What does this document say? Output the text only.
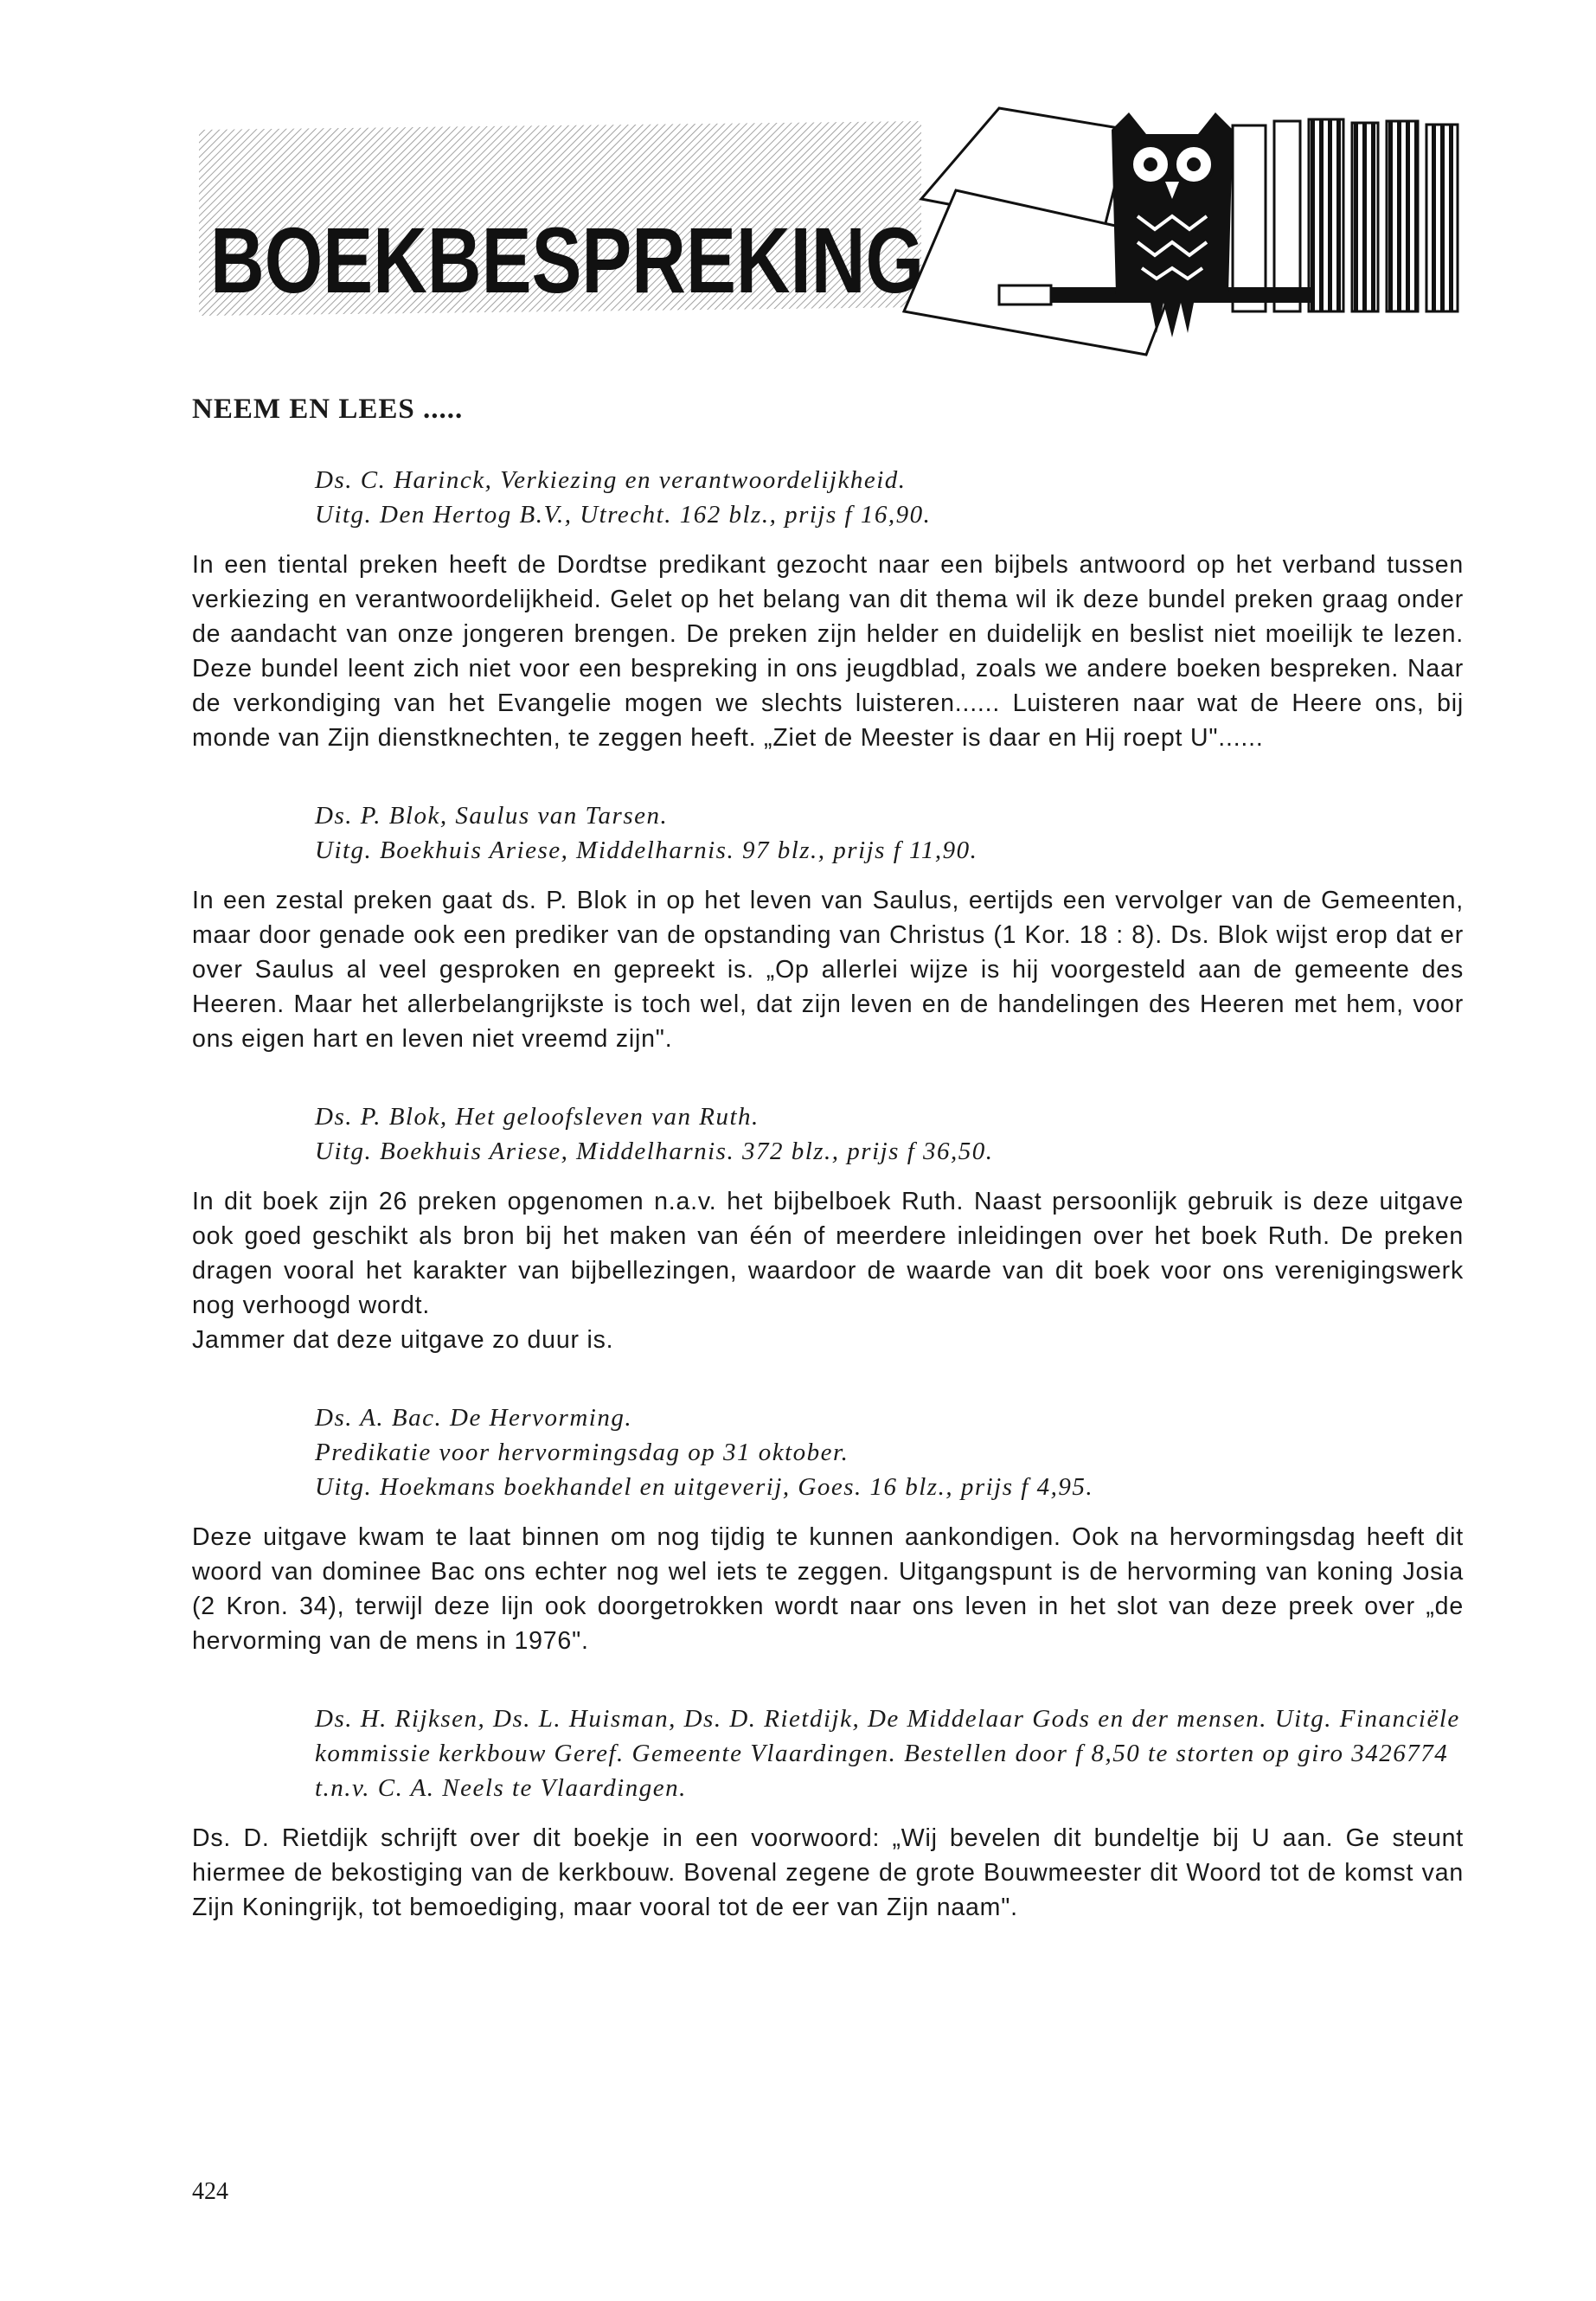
BOEKBESPREKING
NEEM EN LEES .....

Ds. C. Harinck, Verkiezing en verantwoordelijkheid.
Uitg. Den Hertog B.V., Utrecht. 162 blz., prijs f 16,90.

In een tiental preken heeft de Dordtse predikant gezocht naar een bijbels antwoord op het verband tussen verkiezing en verantwoordelijkheid. Gelet op het belang van dit thema wil ik deze bundel preken graag onder de aandacht van onze jongeren brengen. De preken zijn helder en duidelijk en beslist niet moeilijk te lezen. Deze bundel leent zich niet voor een bespreking in ons jeugdblad, zoals we andere boeken bespreken. Naar de verkondiging van het Evangelie mogen we slechts luisteren...... Luisteren naar wat de Heere ons, bij monde van Zijn dienstknechten, te zeggen heeft. „Ziet de Meester is daar en Hij roept U"......

Ds. P. Blok, Saulus van Tarsen.
Uitg. Boekhuis Ariese, Middelharnis. 97 blz., prijs f 11,90.

In een zestal preken gaat ds. P. Blok in op het leven van Saulus, eertijds een vervolger van de Gemeenten, maar door genade ook een prediker van de opstanding van Christus (1 Kor. 18 : 8). Ds. Blok wijst erop dat er over Saulus al veel gesproken en gepreekt is. „Op allerlei wijze is hij voorgesteld aan de gemeente des Heeren. Maar het allerbelangrijkste is toch wel, dat zijn leven en de handelingen des Heeren met hem, voor ons eigen hart en leven niet vreemd zijn".

Ds. P. Blok, Het geloofsleven van Ruth.
Uitg. Boekhuis Ariese, Middelharnis. 372 blz., prijs f 36,50.

In dit boek zijn 26 preken opgenomen n.a.v. het bijbelboek Ruth. Naast persoonlijk gebruik is deze uitgave ook goed geschikt als bron bij het maken van één of meerdere inleidingen over het boek Ruth. De preken dragen vooral het karakter van bijbellezingen, waardoor de waarde van dit boek voor ons verenigingswerk nog verhoogd wordt.

Jammer dat deze uitgave zo duur is.

Ds. A. Bac. De Hervorming.
Predikatie voor hervormingsdag op 31 oktober.
Uitg. Hoekmans boekhandel en uitgeverij, Goes. 16 blz., prijs f 4,95.

Deze uitgave kwam te laat binnen om nog tijdig te kunnen aankondigen. Ook na hervormingsdag heeft dit woord van dominee Bac ons echter nog wel iets te zeggen. Uitgangspunt is de hervorming van koning Josia (2 Kron. 34), terwijl deze lijn ook doorgetrokken wordt naar ons leven in het slot van deze preek over „de hervorming van de mens in 1976".

Ds. H. Rijksen, Ds. L. Huisman, Ds. D. Rietdijk, De Middelaar Gods en der mensen. Uitg. Financiële kommissie kerkbouw Geref. Gemeente Vlaardingen. Bestellen door f 8,50 te storten op giro 3426774 t.n.v. C. A. Neels te Vlaardingen.

Ds. D. Rietdijk schrijft over dit boekje in een voorwoord: „Wij bevelen dit bundeltje bij U aan. Ge steunt hiermee de bekostiging van de kerkbouw. Bovenal zegene de grote Bouwmeester dit Woord tot de komst van Zijn Koningrijk, tot bemoediging, maar vooral tot de eer van Zijn naam".

424
